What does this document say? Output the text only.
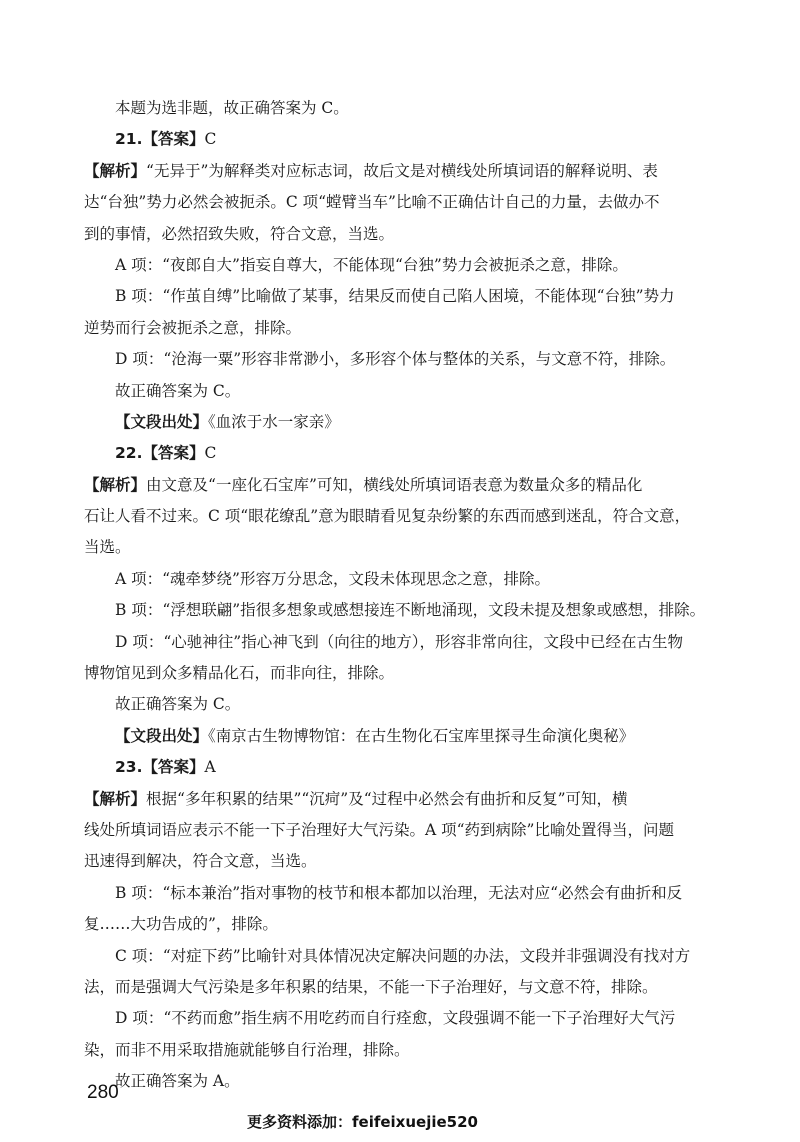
本题为选非题，故正确答案为 C。
21.【答案】C
【解析】“无异于”为解释类对应标志词，故后文是对横线处所填词语的解释说明、表
达“台独”势力必然会被扼杀。C 项“螳臂当车”比喻不正确估计自己的力量，去做办不
到的事情，必然招致失败，符合文意，当选。
A 项：“夜郎自大”指妄自尊大，不能体现“台独”势力会被扼杀之意，排除。
B 项：“作茧自缚”比喻做了某事，结果反而使自己陷人困境，不能体现“台独”势力
逆势而行会被扼杀之意，排除。
D 项：“沧海一粟”形容非常渺小，多形容个体与整体的关系，与文意不符，排除。
故正确答案为 C。
【文段出处】《血浓于水一家亲》
22.【答案】C
【解析】由文意及“一座化石宝库”可知，横线处所填词语表意为数量众多的精品化
石让人看不过来。C 项“眼花缭乱”意为眼睛看见复杂纷繁的东西而感到迷乱，符合文意，
当选。
A 项：“魂牵梦绕”形容万分思念，文段未体现思念之意，排除。
B 项：“浮想联翩”指很多想象或感想接连不断地涌现，文段未提及想象或感想，排除。
D 项：“心驰神往”指心神飞到（向往的地方），形容非常向往，文段中已经在古生物
博物馆见到众多精品化石，而非向往，排除。
故正确答案为 C。
【文段出处】《南京古生物博物馆：在古生物化石宝库里探寻生命演化奥秘》
23.【答案】A
【解析】根据“多年积累的结果”“沉疴”及“过程中必然会有曲折和反复”可知，横
线处所填词语应表示不能一下子治理好大气污染。A 项“药到病除”比喻处置得当，问题
迅速得到解决，符合文意，当选。
B 项：“标本兼治”指对事物的枝节和根本都加以治理，无法对应“必然会有曲折和反
复……大功告成的”，排除。
C 项：“对症下药”比喻针对具体情况决定解决问题的办法，文段并非强调没有找对方
法，而是强调大气污染是多年积累的结果，不能一下子治理好，与文意不符，排除。
D 项：“不药而愈”指生病不用吃药而自行痊愈，文段强调不能一下子治理好大气污
染，而非不用采取措施就能够自行治理，排除。
故正确答案为 A。
280
更多资料添加：feifeixuejie520
